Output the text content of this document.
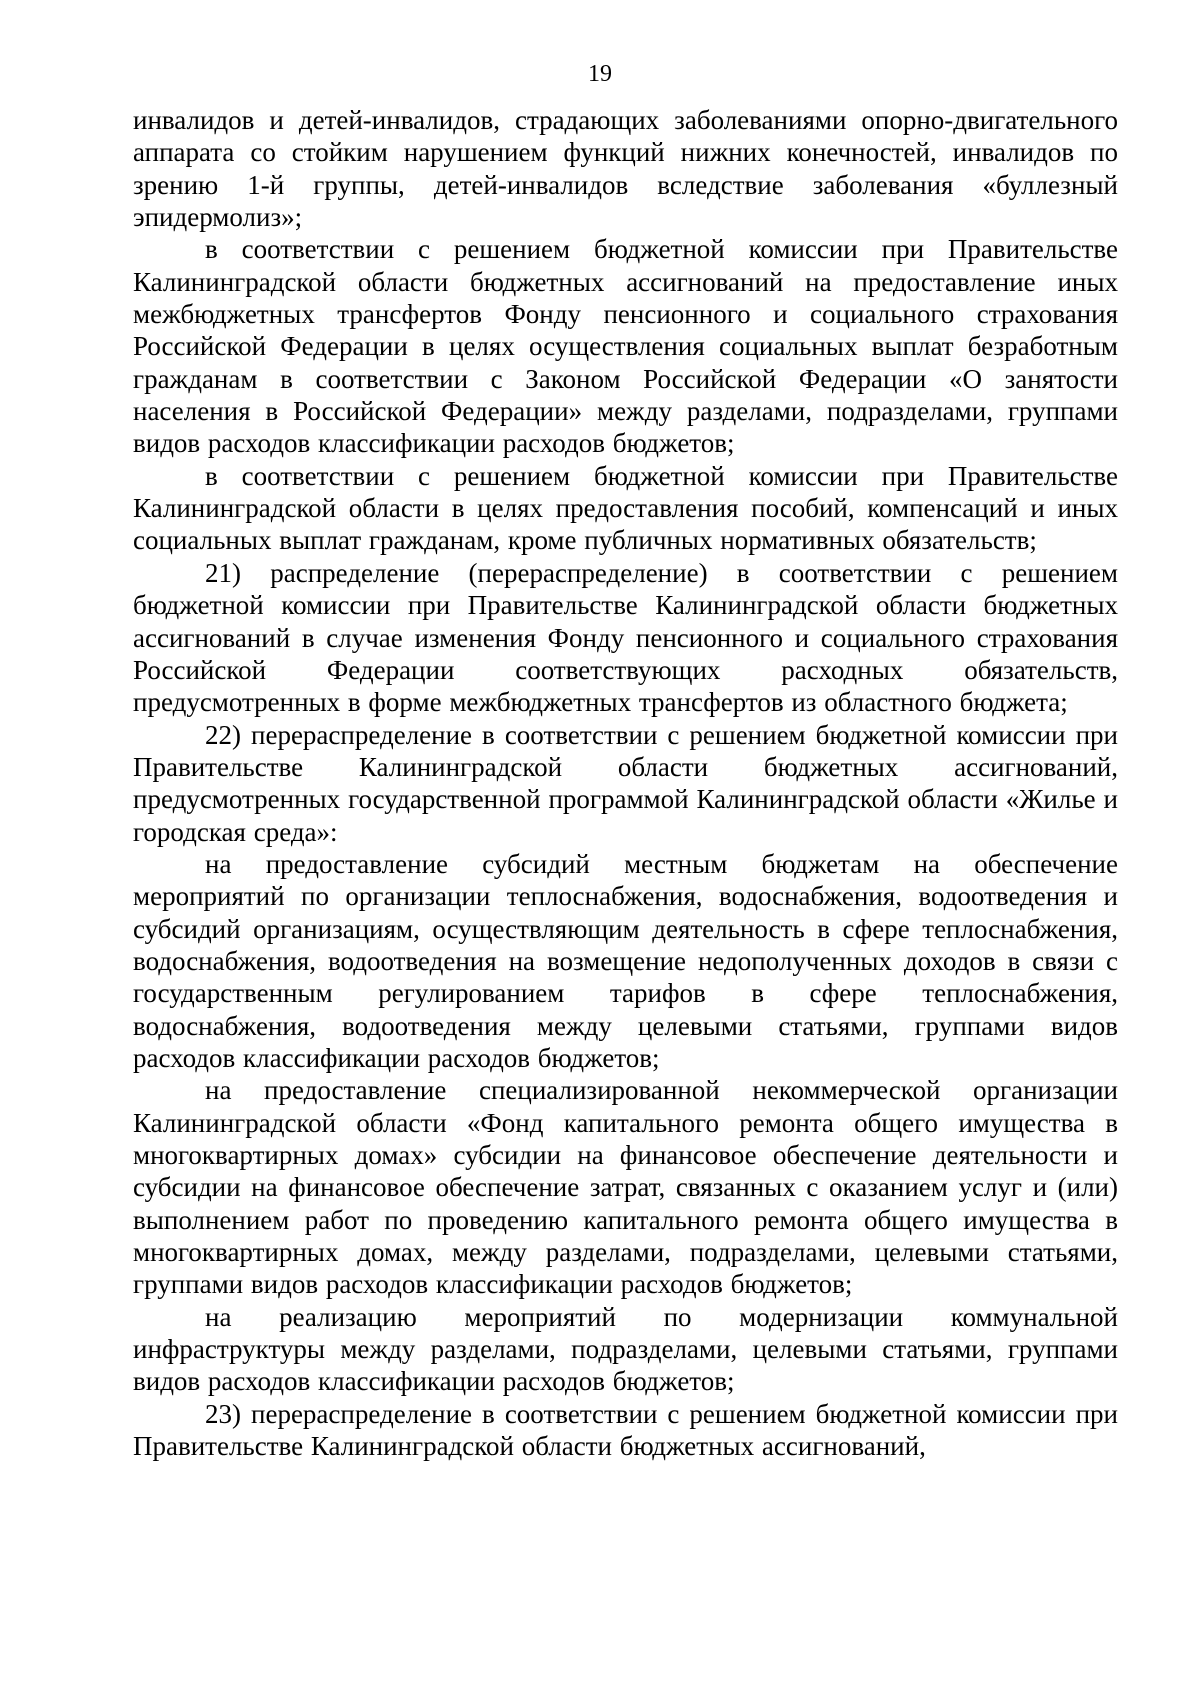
19

инвалидов и детей-инвалидов, страдающих заболеваниями опорно-двигательного аппарата со стойким нарушением функций нижних конечностей, инвалидов по зрению 1-й группы, детей-инвалидов вследствие заболевания «буллезный эпидермолиз»;

в соответствии с решением бюджетной комиссии при Правительстве Калининградской области бюджетных ассигнований на предоставление иных межбюджетных трансфертов Фонду пенсионного и социального страхования Российской Федерации в целях осуществления социальных выплат безработным гражданам в соответствии с Законом Российской Федерации «О занятости населения в Российской Федерации» между разделами, подразделами, группами видов расходов классификации расходов бюджетов;

в соответствии с решением бюджетной комиссии при Правительстве Калининградской области в целях предоставления пособий, компенсаций и иных социальных выплат гражданам, кроме публичных нормативных обязательств;

21) распределение (перераспределение) в соответствии с решением бюджетной комиссии при Правительстве Калининградской области бюджетных ассигнований в случае изменения Фонду пенсионного и социального страхования Российской Федерации соответствующих расходных обязательств, предусмотренных в форме межбюджетных трансфертов из областного бюджета;

22) перераспределение в соответствии с решением бюджетной комиссии при Правительстве Калининградской области бюджетных ассигнований, предусмотренных государственной программой Калининградской области «Жилье и городская среда»:

на предоставление субсидий местным бюджетам на обеспечение мероприятий по организации теплоснабжения, водоснабжения, водоотведения и субсидий организациям, осуществляющим деятельность в сфере теплоснабжения, водоснабжения, водоотведения на возмещение недополученных доходов в связи с государственным регулированием тарифов в сфере теплоснабжения, водоснабжения, водоотведения между целевыми статьями, группами видов расходов классификации расходов бюджетов;

на предоставление специализированной некоммерческой организации Калининградской области «Фонд капитального ремонта общего имущества в многоквартирных домах» субсидии на финансовое обеспечение деятельности и субсидии на финансовое обеспечение затрат, связанных с оказанием услуг и (или) выполнением работ по проведению капитального ремонта общего имущества в многоквартирных домах, между разделами, подразделами, целевыми статьями, группами видов расходов классификации расходов бюджетов;

на реализацию мероприятий по модернизации коммунальной инфраструктуры между разделами, подразделами, целевыми статьями, группами видов расходов классификации расходов бюджетов;

23) перераспределение в соответствии с решением бюджетной комиссии при Правительстве Калининградской области бюджетных ассигнований,
